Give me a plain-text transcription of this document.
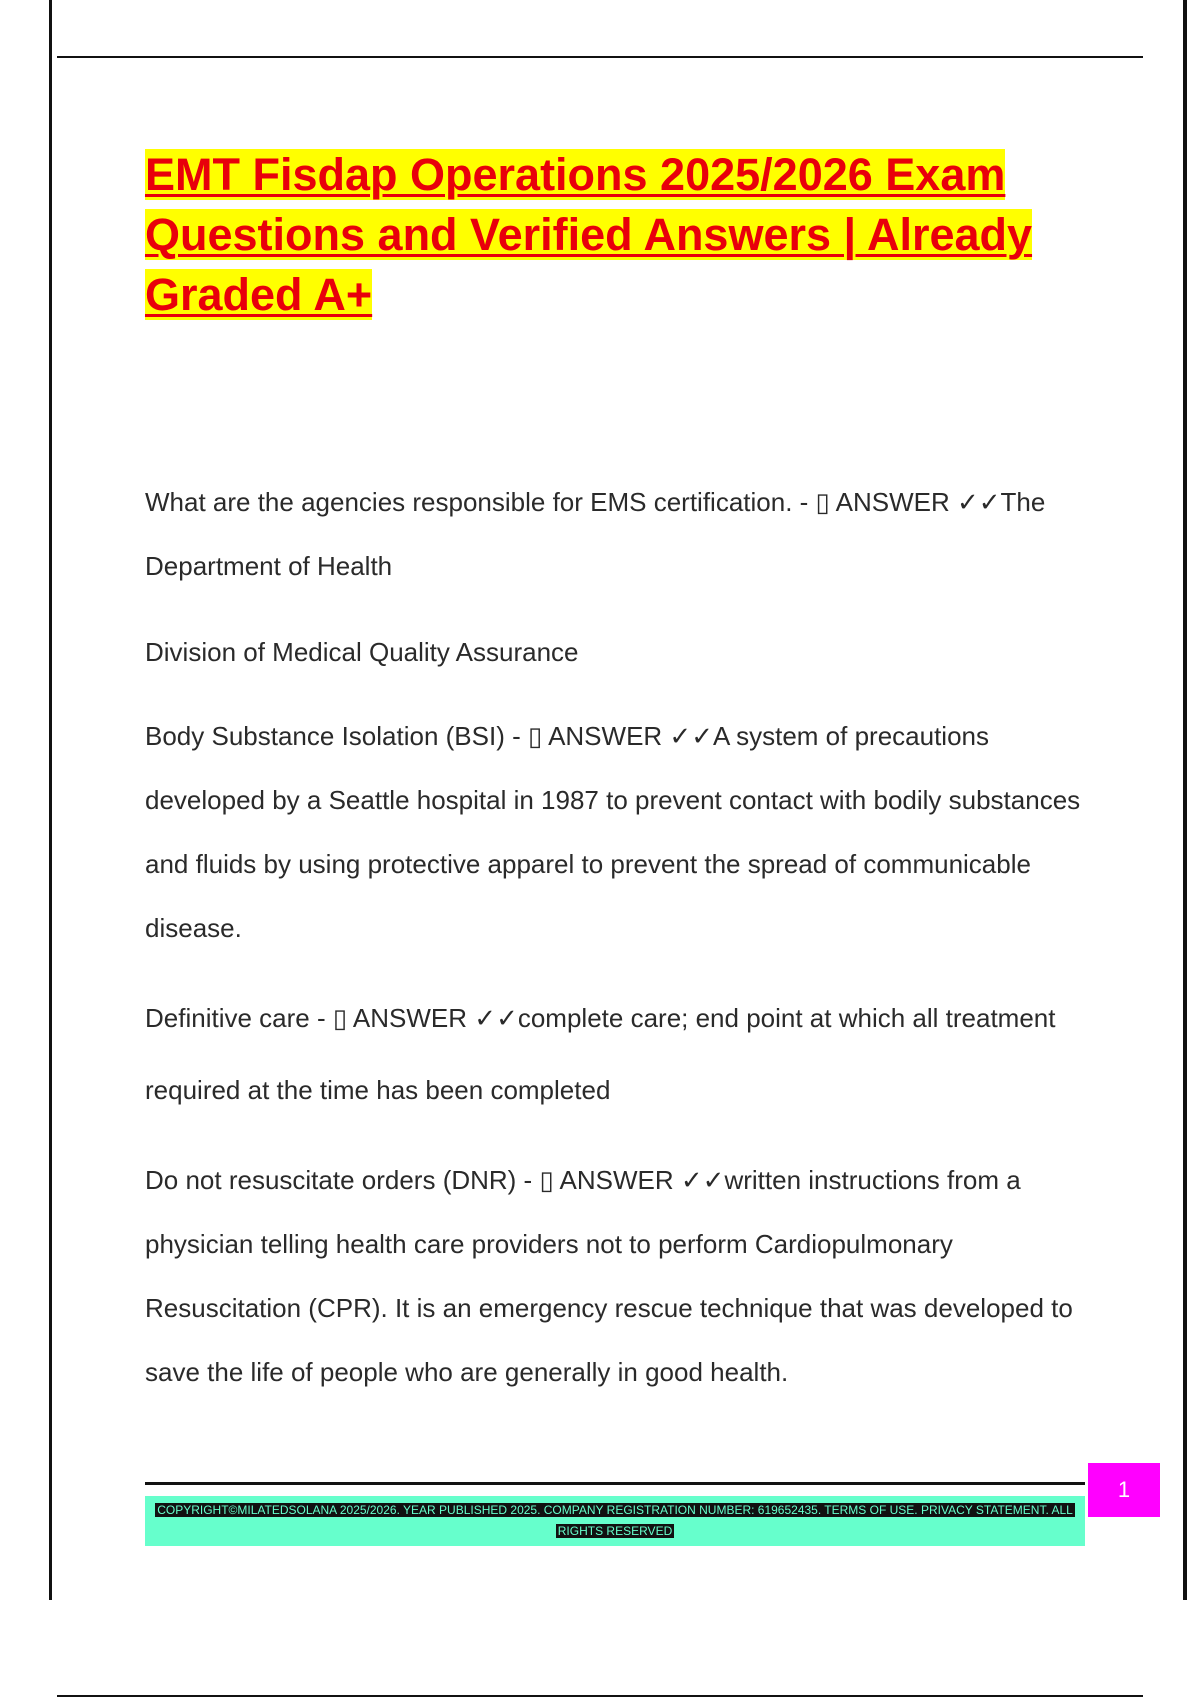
EMT Fisdap Operations 2025/2026 Exam Questions and Verified Answers | Already Graded A+

What are the agencies responsible for EMS certification. - ▯ ANSWER ✓✓The Department of Health

Division of Medical Quality Assurance

Body Substance Isolation (BSI) - ▯ ANSWER ✓✓A system of precautions developed by a Seattle hospital in 1987 to prevent contact with bodily substances and fluids by using protective apparel to prevent the spread of communicable disease.

Definitive care - ▯ ANSWER ✓✓complete care; end point at which all treatment required at the time has been completed

Do not resuscitate orders (DNR) - ▯ ANSWER ✓✓written instructions from a physician telling health care providers not to perform Cardiopulmonary Resuscitation (CPR). It is an emergency rescue technique that was developed to save the life of people who are generally in good health.

1
COPYRIGHT©MILATEDSOLANA 2025/2026. YEAR PUBLISHED 2025. COMPANY REGISTRATION NUMBER: 619652435. TERMS OF USE. PRIVACY STATEMENT. ALL RIGHTS RESERVED
